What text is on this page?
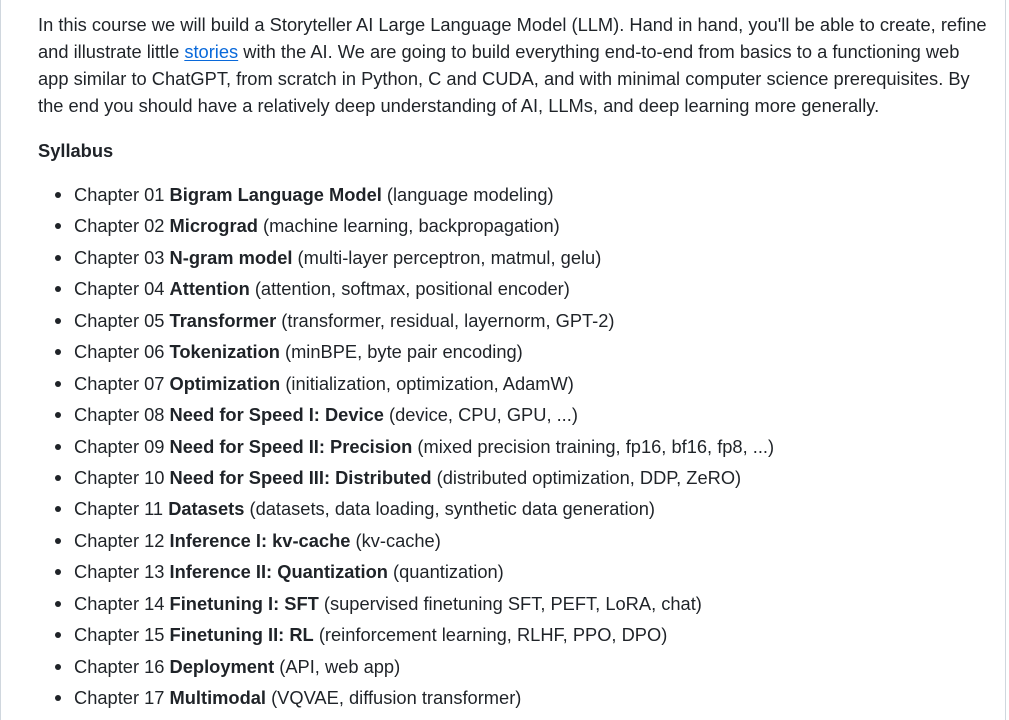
In this course we will build a Storyteller AI Large Language Model (LLM). Hand in hand, you'll be able to create, refine and illustrate little stories with the AI. We are going to build everything end-to-end from basics to a functioning web app similar to ChatGPT, from scratch in Python, C and CUDA, and with minimal computer science prerequisites. By the end you should have a relatively deep understanding of AI, LLMs, and deep learning more generally.

Syllabus
Chapter 01 Bigram Language Model (language modeling)
Chapter 02 Micrograd (machine learning, backpropagation)
Chapter 03 N-gram model (multi-layer perceptron, matmul, gelu)
Chapter 04 Attention (attention, softmax, positional encoder)
Chapter 05 Transformer (transformer, residual, layernorm, GPT-2)
Chapter 06 Tokenization (minBPE, byte pair encoding)
Chapter 07 Optimization (initialization, optimization, AdamW)
Chapter 08 Need for Speed I: Device (device, CPU, GPU, ...)
Chapter 09 Need for Speed II: Precision (mixed precision training, fp16, bf16, fp8, ...)
Chapter 10 Need for Speed III: Distributed (distributed optimization, DDP, ZeRO)
Chapter 11 Datasets (datasets, data loading, synthetic data generation)
Chapter 12 Inference I: kv-cache (kv-cache)
Chapter 13 Inference II: Quantization (quantization)
Chapter 14 Finetuning I: SFT (supervised finetuning SFT, PEFT, LoRA, chat)
Chapter 15 Finetuning II: RL (reinforcement learning, RLHF, PPO, DPO)
Chapter 16 Deployment (API, web app)
Chapter 17 Multimodal (VQVAE, diffusion transformer)
